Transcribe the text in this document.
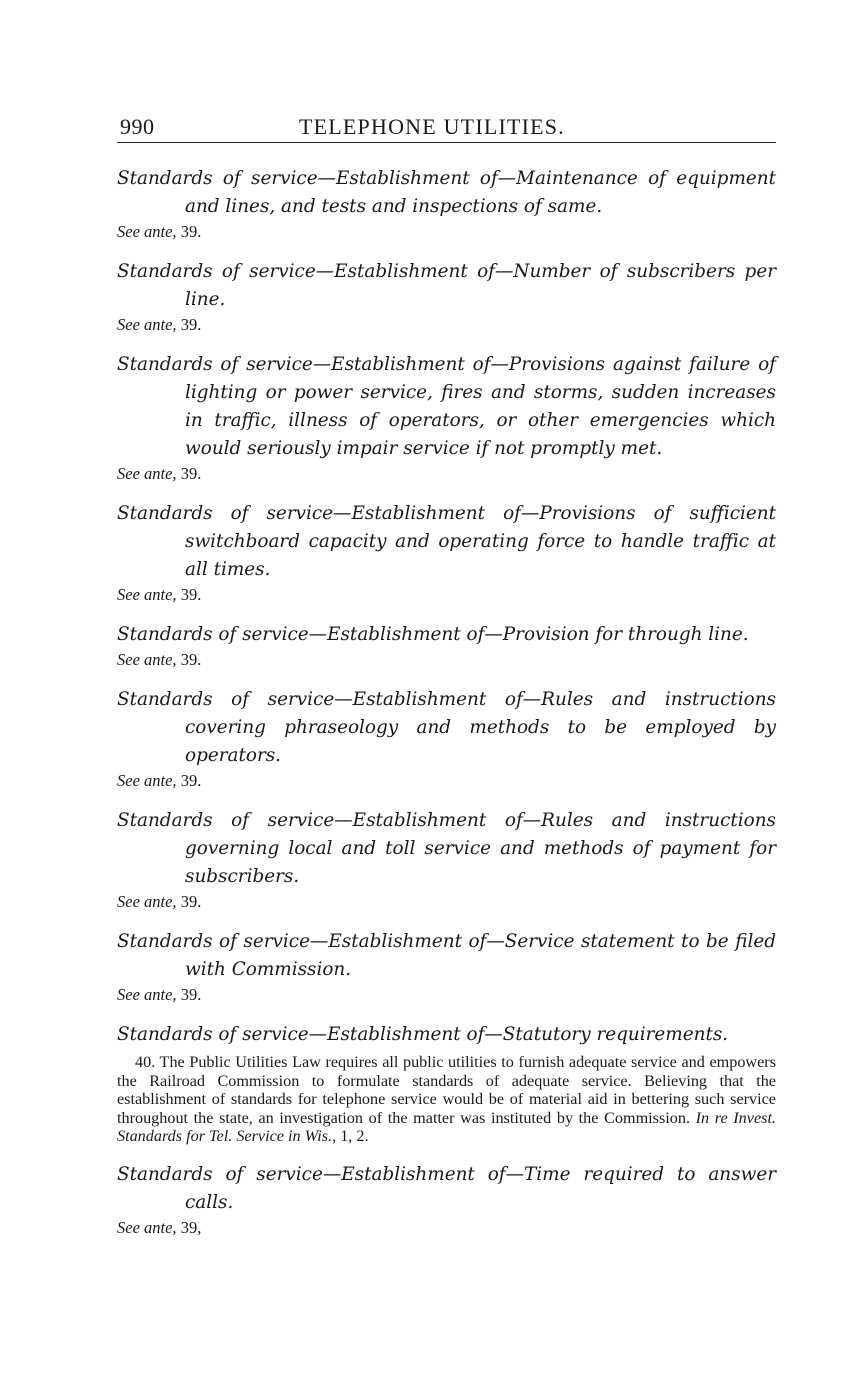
990	TELEPHONE UTILITIES.

Standards of service—Establishment of—Maintenance of equipment and lines, and tests and inspections of same.

See ante, 39.

Standards of service—Establishment of—Number of subscribers per line.

See ante, 39.

Standards of service—Establishment of—Provisions against failure of lighting or power service, fires and storms, sudden increases in traffic, illness of operators, or other emergencies which would seriously impair service if not promptly met.

See ante, 39.

Standards of service—Establishment of—Provisions of sufficient switchboard capacity and operating force to handle traffic at all times.

See ante, 39.

Standards of service—Establishment of—Provision for through line.

See ante, 39.

Standards of service—Establishment of—Rules and instructions covering phraseology and methods to be employed by operators.

See ante, 39.

Standards of service—Establishment of—Rules and instructions governing local and toll service and methods of payment for subscribers.

See ante, 39.

Standards of service—Establishment of—Service statement to be filed with Commission.

See ante, 39.

Standards of service—Establishment of—Statutory requirements.

40. The Public Utilities Law requires all public utilities to furnish adequate service and empowers the Railroad Commission to formulate standards of adequate service. Believing that the establishment of standards for telephone service would be of material aid in bettering such service throughout the state, an investigation of the matter was instituted by the Commission. In re Invest. Standards for Tel. Service in Wis., 1, 2.

Standards of service—Establishment of—Time required to answer calls.

See ante, 39,
